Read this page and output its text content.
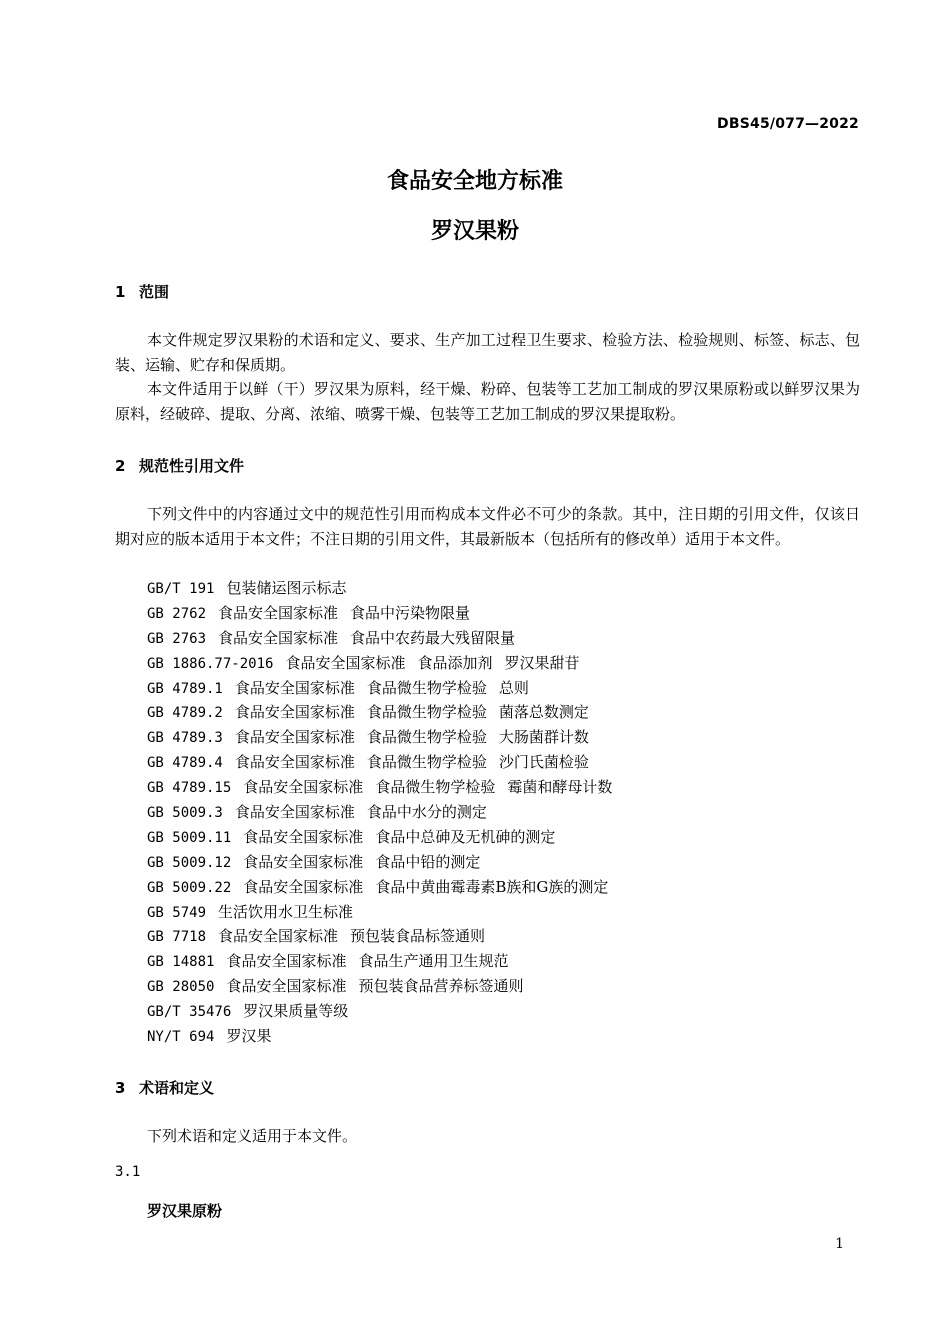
DBS45/077—2022
食品安全地方标准
罗汉果粉
1 范围

本文件规定罗汉果粉的术语和定义、要求、生产加工过程卫生要求、检验方法、检验规则、标签、标志、包装、运输、贮存和保质期。

本文件适用于以鲜（干）罗汉果为原料，经干燥、粉碎、包装等工艺加工制成的罗汉果原粉或以鲜罗汉果为原料，经破碎、提取、分离、浓缩、喷雾干燥、包装等工艺加工制成的罗汉果提取粉。

2 规范性引用文件

下列文件中的内容通过文中的规范性引用而构成本文件必不可少的条款。其中，注日期的引用文件，仅该日期对应的版本适用于本文件；不注日期的引用文件，其最新版本（包括所有的修改单）适用于本文件。

GB/T 191 包装储运图示标志
GB 2762 食品安全国家标准 食品中污染物限量
GB 2763 食品安全国家标准 食品中农药最大残留限量
GB 1886.77-2016 食品安全国家标准 食品添加剂 罗汉果甜苷
GB 4789.1 食品安全国家标准 食品微生物学检验 总则
GB 4789.2 食品安全国家标准 食品微生物学检验 菌落总数测定
GB 4789.3 食品安全国家标准 食品微生物学检验 大肠菌群计数
GB 4789.4 食品安全国家标准 食品微生物学检验 沙门氏菌检验
GB 4789.15 食品安全国家标准 食品微生物学检验 霉菌和酵母计数
GB 5009.3 食品安全国家标准 食品中水分的测定
GB 5009.11 食品安全国家标准 食品中总砷及无机砷的测定
GB 5009.12 食品安全国家标准 食品中铅的测定
GB 5009.22 食品安全国家标准 食品中黄曲霉毒素B族和G族的测定
GB 5749 生活饮用水卫生标准
GB 7718 食品安全国家标准 预包装食品标签通则
GB 14881 食品安全国家标准 食品生产通用卫生规范
GB 28050 食品安全国家标准 预包装食品营养标签通则
GB/T 35476 罗汉果质量等级
NY/T 694 罗汉果
3 术语和定义

下列术语和定义适用于本文件。

3.1
罗汉果原粉
1
